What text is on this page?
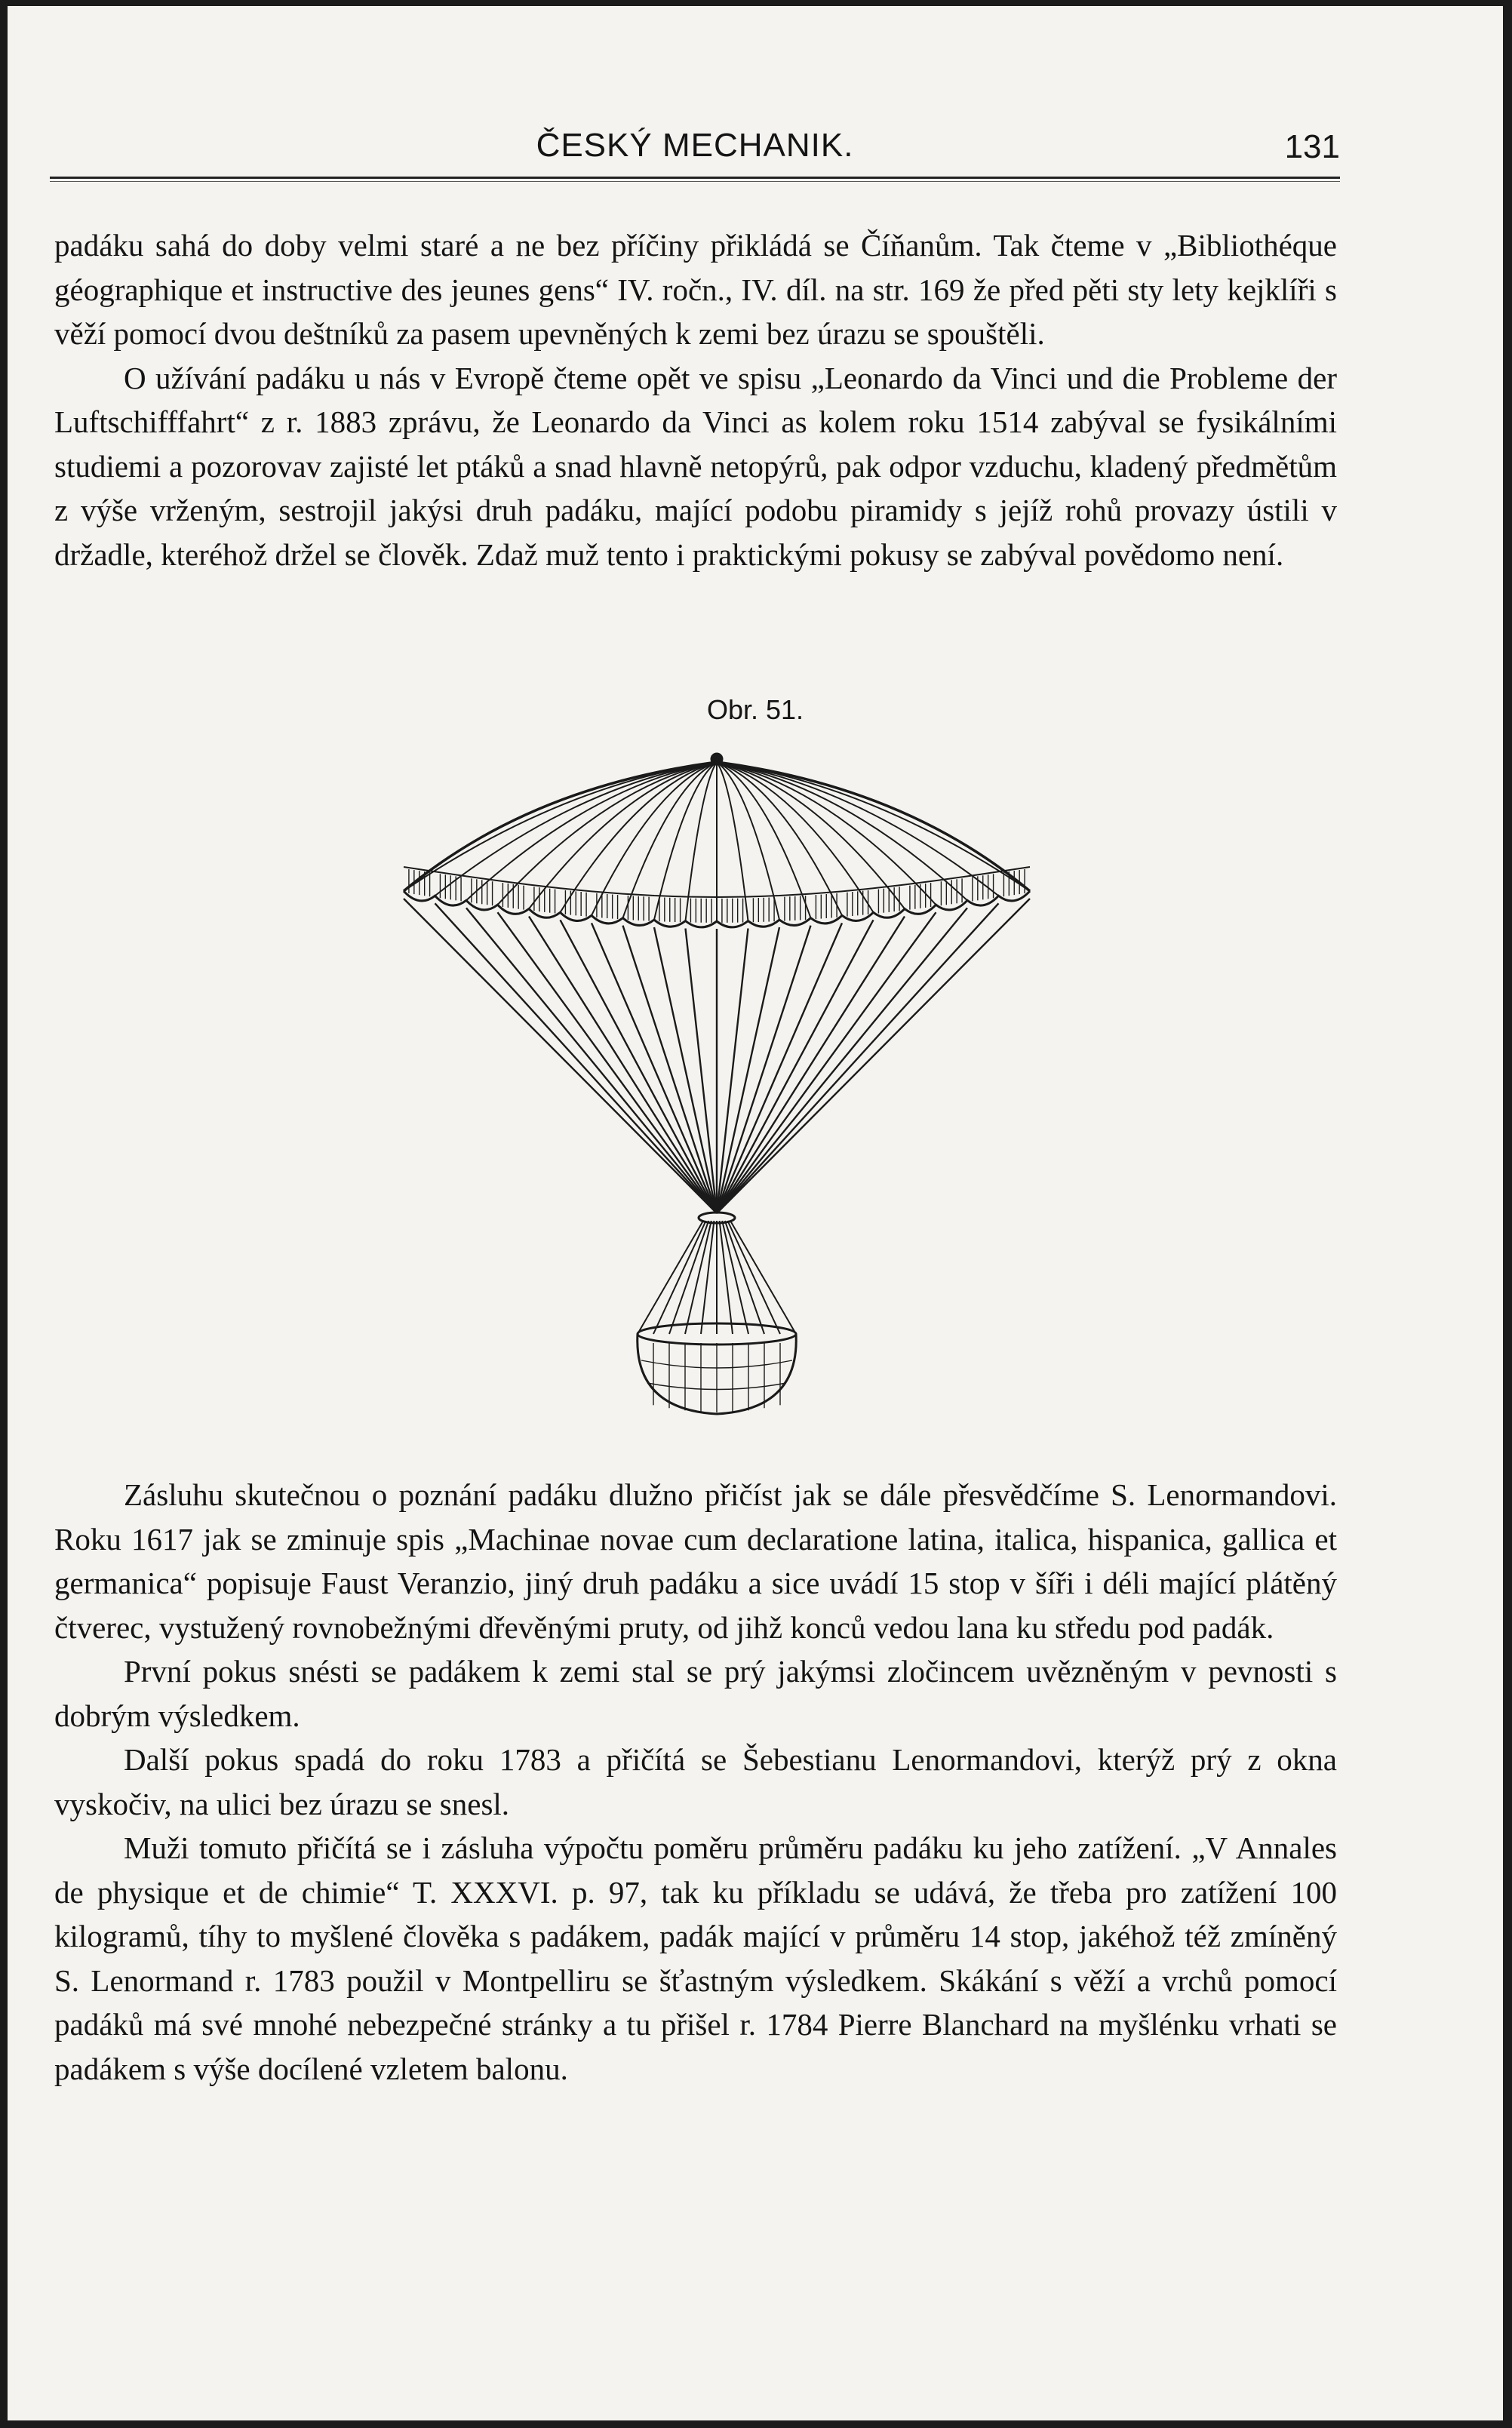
ČESKÝ MECHANIK.	131

padáku sahá do doby velmi staré a ne bez příčiny přikládá se Číňanům. Tak čteme v „Bibliothéque géographique et instructive des jeunes gens“ IV. ročn., IV. díl. na str. 169 že před pěti sty lety kejklíři s věží pomocí dvou deštníků za pasem upevněných k zemi bez úrazu se spouštěli.

O užívání padáku u nás v Evropě čteme opět ve spisu „Leonardo da Vinci und die Probleme der Luftschifffahrt“ z r. 1883 zprávu, že Leonardo da Vinci as kolem roku 1514 zabýval se fysikálními studiemi a pozorovav zajisté let ptáků a snad hlavně netopýrů, pak odpor vzduchu, kladený předmětům z výše vrženým, sestrojil jakýsi druh padáku, mající podobu piramidy s jejíž rohů provazy ústili v držadle, kteréhož držel se člověk. Zdaž muž tento i praktickými pokusy se zabýval povědomo není.

Obr. 51.

Zásluhu skutečnou o poznání padáku dlužno přičíst jak se dále přesvědčíme S. Lenormandovi. Roku 1617 jak se zminuje spis „Machinae novae cum declaratione latina, italica, hispanica, gallica et germanica“ popisuje Faust Veranzio, jiný druh padáku a sice uvádí 15 stop v šíři i déli mající plátěný čtverec, vystužený rovnobežnými dřevěnými pruty, od jihž konců vedou lana ku středu pod padák.

První pokus snésti se padákem k zemi stal se prý jakýmsi zločincem uvězněným v pevnosti s dobrým výsledkem.

Další pokus spadá do roku 1783 a přičítá se Šebestianu Lenormandovi, kterýž prý z okna vyskočiv, na ulici bez úrazu se snesl.

Muži tomuto přičítá se i zásluha výpočtu poměru průměru padáku ku jeho zatížení. „V Annales de physique et de chimie“ T. XXXVI. p. 97, tak ku příkladu se udává, že třeba pro zatížení 100 kilogramů, tíhy to myšlené člověka s padákem, padák mající v průměru 14 stop, jakéhož též zmíněný S. Lenormand r. 1783 použil v Montpelliru se šťastným výsledkem. Skákání s věží a vrchů pomocí padáků má své mnohé nebezpečné stránky a tu přišel r. 1784 Pierre Blanchard na myšlénku vrhati se padákem s výše docílené vzletem balonu.
